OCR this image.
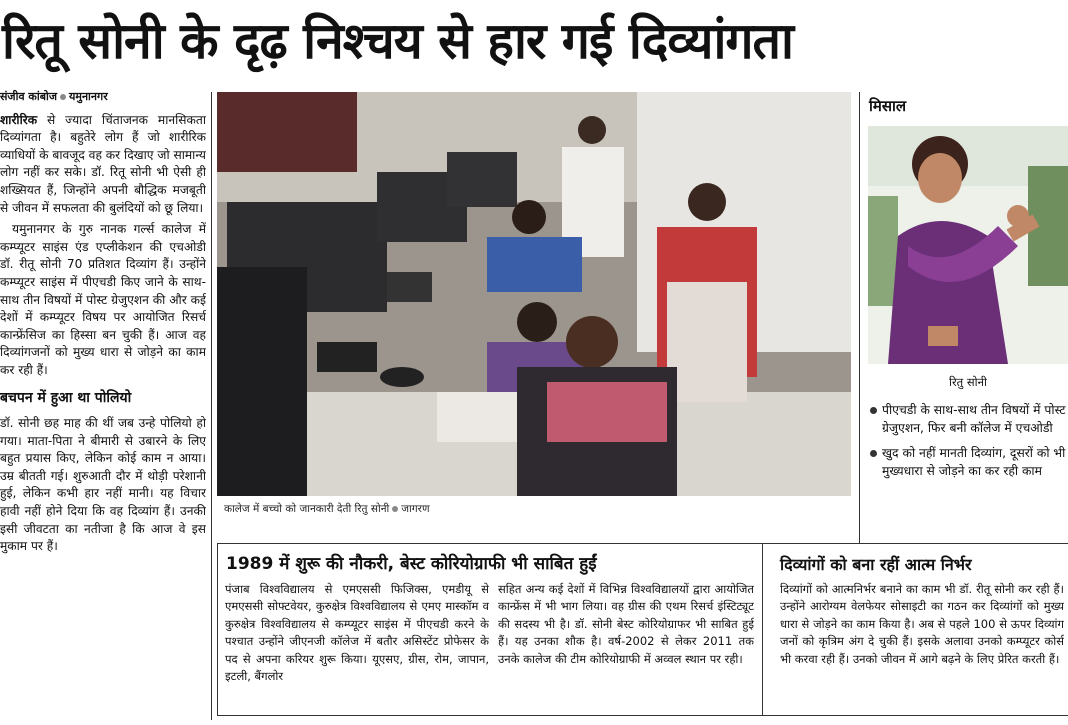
रितू सोनी के दृढ़ निश्चय से हार गई दिव्यांगता
संजीव कांबोज यमुनानगर

शारीरिक से ज्यादा चिंताजनक मानसिकता दिव्यांगता है। बहुतेरे लोग हैं जो शारीरिक व्याधियों के बावजूद वह कर दिखाए जो सामान्य लोग नहीं कर सके। डॉ. रितू सोनी भी ऐसी ही शख्सियत हैं, जिन्होंने अपनी बौद्धिक मजबूती से जीवन में सफलता की बुलंदियों को छू लिया।

यमुनानगर के गुरु नानक गर्ल्स कालेज में कम्प्यूटर साइंस एंड एप्लीकेशन की एचओडी डॉ. रीतू सोनी 70 प्रतिशत दिव्यांग हैं। उन्होंने कम्प्यूटर साइंस में पीएचडी किए जाने के साथ-साथ तीन विषयों में पोस्ट ग्रेजुएशन की और कई देशों में कम्प्यूटर विषय पर आयोजित रिसर्च कान्फ्रेंसिज का हिस्सा बन चुकी हैं। आज वह दिव्यांगजनों को मुख्य धारा से जोड़ने का काम कर रही हैं।

बचपन में हुआ था पोलियो

डॉ. सोनी छह माह की थीं जब उन्हे पोलियो हो गया। माता-पिता ने बीमारी से उबारने के लिए बहुत प्रयास किए, लेकिन कोई काम न आया। उम्र बीतती गई। शुरुआती दौर में थोड़ी परेशानी हुई, लेकिन कभी हार नहीं मानी। यह विचार हावी नहीं होने दिया कि वह दिव्यांग हैं। उनकी इसी जीवटता का नतीजा है कि आज वे इस मुकाम पर हैं।

कालेज में बच्चो को जानकारी देती रितु सोनी जागरण
1989 में शुरू की नौकरी, बेस्ट कोरियोग्राफी भी साबित हुईं
पंजाब विश्वविद्यालय से एमएससी फिजिक्स, एमडीयू से एमएससी सोफ्टवेयर, कुरुक्षेत्र विश्वविद्यालय से एमए मास्कॉम व कुरुक्षेत्र विश्वविद्यालय से कम्प्यूटर साइंस में पीएचडी करने के पश्चात उन्होंने जीएनजी कॉलेज में बतौर असिस्टेंट प्रोफेसर के पद से अपना करियर शुरू किया। यूएसए, ग्रीस, रोम, जापान, इटली, बैंगलोर
सहित अन्य कई देशों में विभिन्न विश्वविद्यालयों द्वारा आयोजित कान्फ्रेंस में भी भाग लिया। वह ग्रीस की एथम रिसर्च इंस्टिट्यूट की सदस्य भी है। डॉ. सोनी बेस्ट कोरियोग्राफर भी साबित हुई हैं। यह उनका शौक है। वर्ष-2002 से लेकर 2011 तक उनके कालेज की टीम कोरियोग्राफी में अव्वल स्थान पर रही।
दिव्यांगों को बना रहीं आत्म निर्भर
दिव्यांगों को आत्मनिर्भर बनाने का काम भी डॉ. रीतू सोनी कर रही हैं। उन्होंने आरोग्यम वेलफेयर सोसाइटी का गठन कर दिव्यांगों को मुख्य धारा से जोड़ने का काम किया है। अब से पहले 100 से ऊपर दिव्यांग जनों को कृत्रिम अंग दे चुकी हैं। इसके अलावा उनको कम्प्यूटर कोर्स भी करवा रही हैं। उनको जीवन में आगे बढ़ने के लिए प्रेरित करती हैं।
मिसाल
रितु सोनी
पीएचडी के साथ-साथ तीन विषयों में पोस्ट ग्रेजुएशन, फिर बनी कॉलेज में एचओडी
खुद को नहीं मानती दिव्यांग, दूसरों को भी मुख्यधारा से जोड़ने का कर रही काम
